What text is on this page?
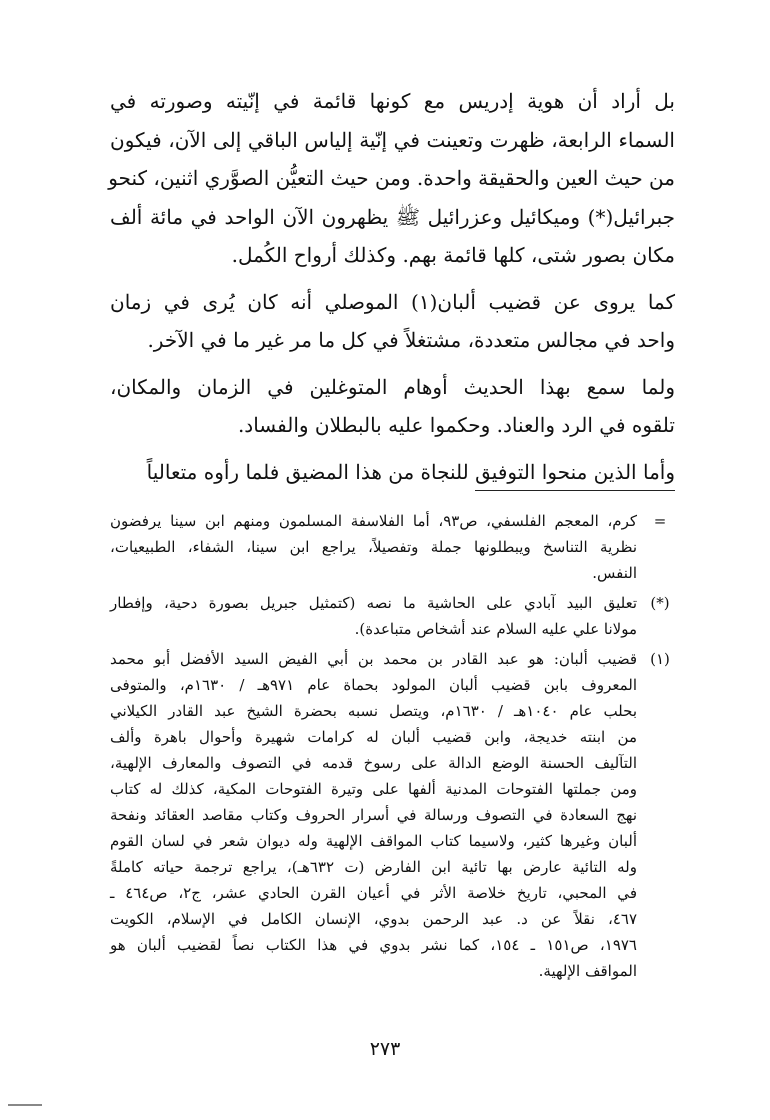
بل أراد أن هوية إدريس مع كونها قائمة في إنّيته وصورته في
السماء الرابعة، ظهرت وتعينت في إنّية إلياس الباقي إلى الآن، فيكون
من حيث العين والحقيقة واحدة. ومن حيث التعيُّن الصوَّري اثنين، كنحو
جبرائيل(*) وميكائيل وعزرائيل ﷺ يظهرون الآن الواحد في مائة ألف
مكان بصور شتى، كلها قائمة بهم. وكذلك أرواح الكُمل.
كما يروى عن قضيب ألبان(١) الموصلي أنه كان يُرى في زمان
واحد في مجالس متعددة، مشتغلاً في كل ما مر غير ما في الآخر.
ولما سمع بهذا الحديث أوهام المتوغلين في الزمان والمكان،
تلقوه في الرد والعناد. وحكموا عليه بالبطلان والفساد.
وأما الذين منحوا التوفيق للنجاة من هذا المضيق فلما رأوه متعالياً
=
كرم، المعجم الفلسفي، ص٩٣، أما الفلاسفة المسلمون ومنهم ابن سينا يرفضون
نظرية التناسخ ويبطلونها جملة وتفصيلاً، يراجع ابن سينا، الشفاء، الطبيعيات،
النفس.
(*)
تعليق البيد آبادي على الحاشية ما نصه (كتمثيل جبريل بصورة دحية، وإفطار
مولانا علي عليه السلام عند أشخاص متباعدة).
(١)
قضيب ألبان: هو عبد القادر بن محمد بن أبي الفيض السيد الأفضل أبو محمد
المعروف بابن قضيب ألبان المولود بحماة عام ٩٧١هـ / ١٦٣٠م، والمتوفى
بحلب عام ١٠٤٠هـ / ١٦٣٠م، ويتصل نسبه بحضرة الشيخ عبد القادر الكيلاني
من ابنته خديجة، وابن قضيب ألبان له كرامات شهيرة وأحوال باهرة وألف
التآليف الحسنة الوضع الدالة على رسوخ قدمه في التصوف والمعارف الإلهية،
ومن جملتها الفتوحات المدنية ألفها على وتيرة الفتوحات المكية، كذلك له كتاب
نهج السعادة في التصوف ورسالة في أسرار الحروف وكتاب مقاصد العقائد ونفحة
ألبان وغيرها كثير، ولاسيما كتاب المواقف الإلهية وله ديوان شعر في لسان القوم
وله التائية عارض بها تائية ابن الفارض (ت ٦٣٢هـ)، يراجع ترجمة حياته كاملةً
في المحبي، تاريخ خلاصة الأثر في أعيان القرن الحادي عشر، ج٢، ص٤٦٤ ـ
٤٦٧، نقلاً عن د. عبد الرحمن بدوي، الإنسان الكامل في الإسلام، الكويت
١٩٧٦، ص١٥١ ـ ١٥٤، كما نشر بدوي في هذا الكتاب نصاً لقضيب ألبان هو
المواقف الإلهية.
٢٧٣
